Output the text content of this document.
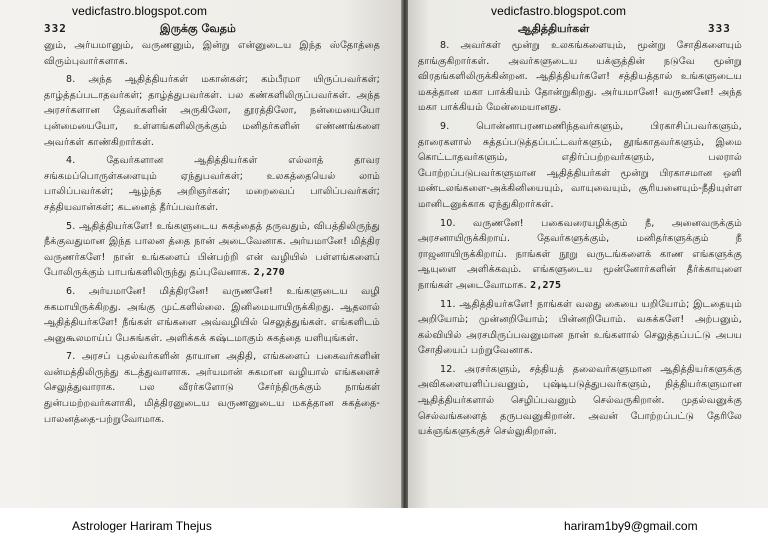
332	இருக்கு வேதம்

னும், அர்யமானும், வருணனும், இன்று என்னுடைய இந்த ஸ்தோத்தை விரும்புவார்களாக.

8. அந்த ஆதித்தியர்கள் மகான்கள்; கம்பீரமா யிருப்பவர்கள்; தாழ்த்தப்படாதவர்கள்; தாழ்த்துபவர்கள். பல கண்களிலிருப்பவர்கள். அந்த அரசர்களான தேவர்களின் அருகிலோ, தூரத்திலோ, நன்மையையோ புன்மையையோ, உள்ளங்களிலிருக்கும் மனிதர்களின் எண்ணங்களை அவர்கள் காண்கிறார்கள்.

4. தேவர்களான ஆதித்தியர்கள் எல்லாத் தாவர சங்கமப்பொருள்களையும் ஏந்துபவர்கள்; உலகத்தையெல் லாம் பாலிப்பவர்கள்; ஆழ்ந்த அறிஞர்கள்; மறைவைப் பாலிப்பவர்கள்; சத்தியவான்கள்; கடனைத் தீர்ப்பவர்கள்.

5. ஆதித்தியர்களே! உங்களுடைய சுகத்தைத் தருவதும், விபத்திலிருந்து நீக்குவதுமான இந்த பாலன த்தை நான் அடைவேனாக. அர்யமானே! மித்திர வருணர்களே! நான் உங்களைப் பின்பற்றி என் வழியில் பள்ளங்களைப் போலிருக்கும் பாபங்களிலிருந்து தப்புவேனாக. 2,270

6. அர்யமானே! மித்திரனே! வருணனே! உங்களுடைய வழி சுகமாயிருக்கிறது. அங்கு முட்களில்லை. இனிமையாயிருக்கிறது. ஆதலால் ஆதித்தியர்களே! நீங்கள் எங்களை அவ்வழியில் செலுத்துங்கள். எங்களிடம் அனுகூலமாய்ப் பேசுங்கள். அளிக்கக் கஷ்டமாகும் சுகத்தை யளியுங்கள்.

7. அரசப் புதல்வர்களின் தாயான அதிதி, எங்களைப் பகைவர்களின் வன்மத்திலிருந்து கடத்துவாளாக. அர்யமான் சுகமான வழியால் எங்களைச் செலுத்துவாராக. பல வீரர்களோடு சேர்ந்திருக்கும் நாங்கள் துன்பமற்றவர்களாகி, மித்திரனுடைய வருணனுடைய மகத்தான சுகத்தை-பாலனத்தை-பற்றுவோமாக.

ஆதித்தியர்கள்	333

8. அவர்கள் மூன்று உலகங்களையும், மூன்று சோதிகளையும் தாங்குகிறார்கள். அவர்களுடைய யக்ஞத்தின் நடுவே மூன்று விரதங்களிலிருக்கின்றன. ஆதித்தியர்களே! சத்தியத்தால் உங்களுடைய மகத்தான மகா பாக்கியம் தோன்றுகிறது. அர்யமானே! வருணனே! அந்த மகா பாக்கியம் மேன்மையானது.

9. பொன்னாபரணமணிந்தவர்களும், பிரகாசிப்பவர்களும், தாரைகளால் சுத்தப்படுத்தப்பட்டவர்களும், தூங்காதவர்களும், இமை கொட்டாதவர்களும், எதிர்ப்பற்றவர்களும், பலரால் போற்றப்படுபவர்களுமான ஆதித்தியர்கள் மூன்று பிரகாசமான ஒளி மண்டலங்களை-அக்கினியையும், வாயுவையும், சூரியனையும்-நீதியுள்ள மானிடனுக்காக ஏந்துகிறார்கள்.

10. வருணனே! பகைவரையழிக்கும் நீ, அனைவருக்கும் அரசனாயிருக்கிறாய். தேவர்களுக்கும், மனிதர்களுக்கும் நீ ராஜனாயிருக்கிறாய். நாங்கள் நூறு வருடங்களைக் காண எங்களுக்கு ஆயுளை அளிக்கவும். எங்களுடைய மூன்னோர்களின் தீர்க்காயுளை நாங்கள் அடைவோமாக. 2,275

11. ஆதித்தியர்களே! நாங்கள் வலது கையை யறியோம்; இடதையும் அறியோம்; முன்னறியோம்; பின்னறியோம். வசுக்களே! அற்பனும், கல்வியில் அரசமிருப்பவனுமான நான் உங்களால் செலுத்தப்பட்டு அபய சோதியைப் பற்றுவேனாக.

12. அரசர்களும், சத்தியத் தலைவர்களுமான ஆதித்தியர்களுக்கு அவிகளையளிப்பவனும், புஷ்டிபடுத்துபவர்களும், நித்தியர்களுமான ஆதித்தியர்களால் செழிப்பவனும் செல்வருகிறான். முதல்வனுக்கு செல்வங்களைத் தருபவனுகிறான். அவன் போற்றப்பட்டு தேரிலே யக்ஞங்களுக்குச் செல்லுகிறான்.

vedicfastro.blogspot.com	vedicfastro.blogspot.com
Astrologer Hariram Thejus	hariram1by9@gmail.com
